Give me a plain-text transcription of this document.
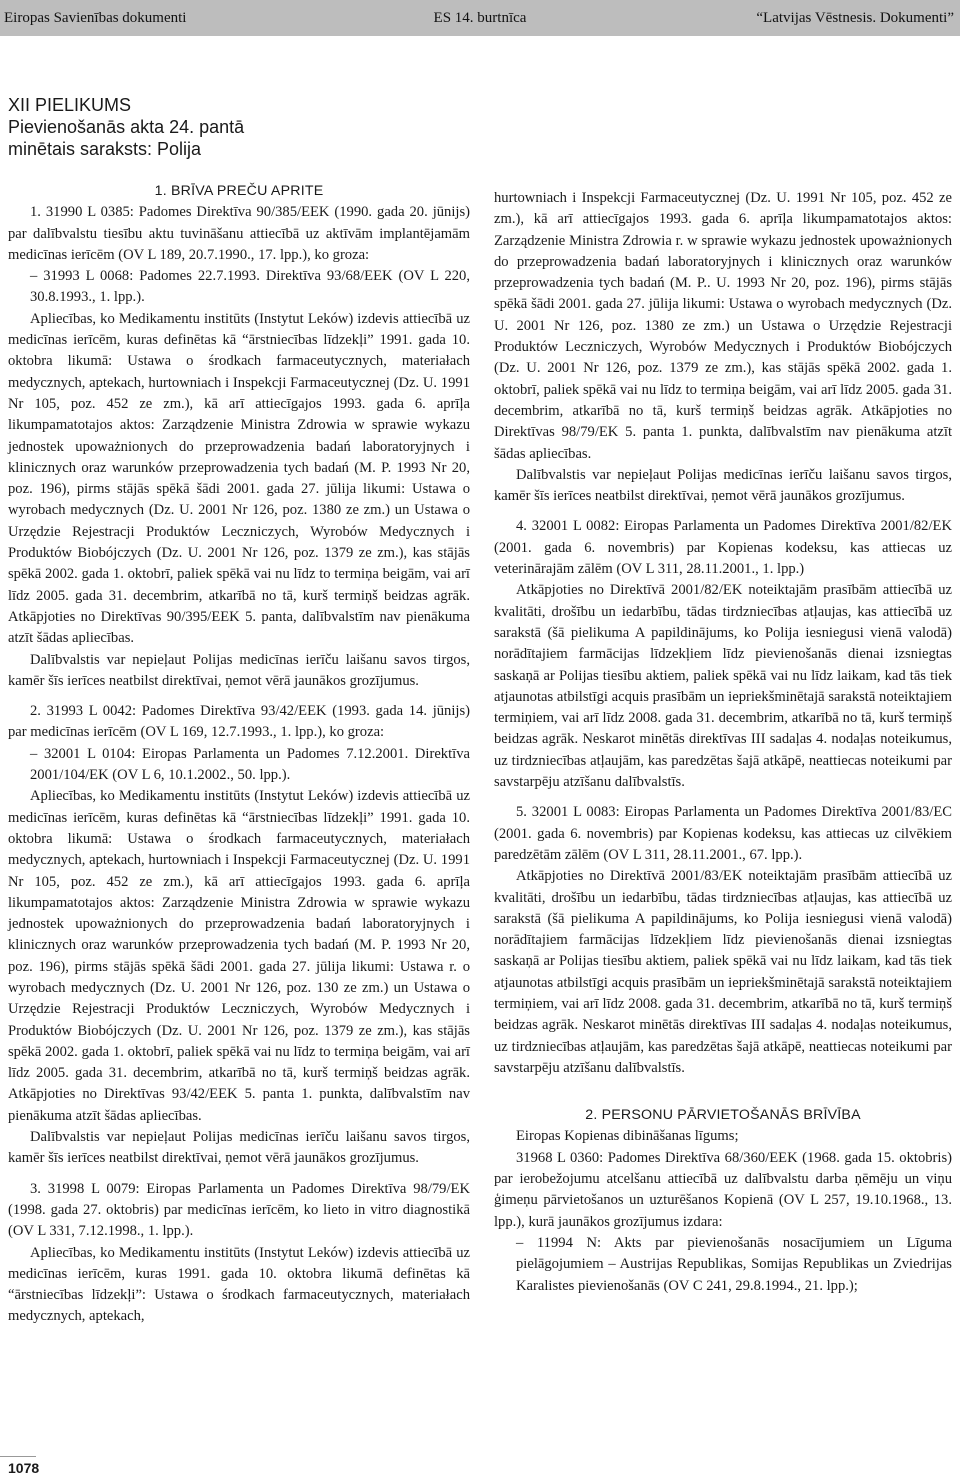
Eiropas Savienības dokumenti	ES 14. burtnīca	“Latvijas Vēstnesis. Dokumenti”
XII PIELIKUMS
Pievienošanās akta 24. pantā
minētais saraksts: Polija

1. BRĪVA PREČU APRITE

1. 31990 L 0385: Padomes Direktīva 90/385/EEK (1990. gada 20. jūnijs) par dalībvalstu tiesību aktu tuvināšanu attiecībā uz aktīvām implantējamām medicīnas ierīcēm (OV L 189, 20.7.1990., 17. lpp.), ko groza:

– 31993 L 0068: Padomes 22.7.1993. Direktīva 93/68/EEK (OV L 220, 30.8.1993., 1. lpp.).

Apliecības, ko Medikamentu institūts (Instytut Leków) izdevis attiecībā uz medicīnas ierīcēm, kuras definētas kā “ārstniecības līdzekļi” 1991. gada 10. oktobra likumā: Ustawa o środkach farmaceutycznych, materiałach medycznych, aptekach, hurtowniach i Inspekcji Farmaceutycznej (Dz. U. 1991 Nr 105, poz. 452 ze zm.), kā arī attiecīgajos 1993. gada 6. aprīļa likumpamatotajos aktos: Zarządzenie Ministra Zdrowia w sprawie wykazu jednostek upoważnionych do przeprowadzenia badań laboratoryjnych i klinicznych oraz warunków przeprowadzenia tych badań (M. P. 1993 Nr 20, poz. 196), pirms stājās spēkā šādi 2001. gada 27. jūlija likumi: Ustawa o wyrobach medycznych (Dz. U. 2001 Nr 126, poz. 1380 ze zm.) un Ustawa o Urzędzie Rejestracji Produktów Leczniczych, Wyrobów Medycznych i Produktów Biobójczych (Dz. U. 2001 Nr 126, poz. 1379 ze zm.), kas stājās spēkā 2002. gada 1. oktobrī, paliek spēkā vai nu līdz to termiņa beigām, vai arī līdz 2005. gada 31. decembrim, atkarībā no tā, kurš termiņš beidzas agrāk. Atkāpjoties no Direktīvas 90/395/EEK 5. panta, dalībvalstīm nav pienākuma atzīt šādas apliecības.

Dalībvalstis var nepieļaut Polijas medicīnas ierīču laišanu savos tirgos, kamēr šīs ierīces neatbilst direktīvai, ņemot vērā jaunākos grozījumus.

2. 31993 L 0042: Padomes Direktīva 93/42/EEK (1993. gada 14. jūnijs) par medicīnas ierīcēm (OV L 169, 12.7.1993., 1. lpp.), ko groza:

– 32001 L 0104: Eiropas Parlamenta un Padomes 7.12.2001. Direktīva 2001/104/EK (OV L 6, 10.1.2002., 50. lpp.).

Apliecības, ko Medikamentu institūts (Instytut Leków) izdevis attiecībā uz medicīnas ierīcēm, kuras definētas kā “ārstniecības līdzekļi” 1991. gada 10. oktobra likumā: Ustawa o środkach farmaceutycznych, materiałach medycznych, aptekach, hurtowniach i Inspekcji Farmaceutycznej (Dz. U. 1991 Nr 105, poz. 452 ze zm.), kā arī attiecīgajos 1993. gada 6. aprīļa likumpamatotajos aktos: Zarządzenie Ministra Zdrowia w sprawie wykazu jednostek upoważnionych do przeprowadzenia badań laboratoryjnych i klinicznych oraz warunków przeprowadzenia tych badań (M. P. 1993 Nr 20, poz. 196), pirms stājās spēkā šādi 2001. gada 27. jūlija likumi: Ustawa r. o wyrobach medycznych (Dz. U. 2001 Nr 126, poz. 130 ze zm.) un Ustawa o Urzędzie Rejestracji Produktów Leczniczych, Wyrobów Medycznych i Produktów Biobójczych (Dz. U. 2001 Nr 126, poz. 1379 ze zm.), kas stājās spēkā 2002. gada 1. oktobrī, paliek spēkā vai nu līdz to termiņa beigām, vai arī līdz 2005. gada 31. decembrim, atkarībā no tā, kurš termiņš beidzas agrāk. Atkāpjoties no Direktīvas 93/42/EEK 5. panta 1. punkta, dalībvalstīm nav pienākuma atzīt šādas apliecības.

Dalībvalstis var nepieļaut Polijas medicīnas ierīču laišanu savos tirgos, kamēr šīs ierīces neatbilst direktīvai, ņemot vērā jaunākos grozījumus.

3. 31998 L 0079: Eiropas Parlamenta un Padomes Direktīva 98/79/EK (1998. gada 27. oktobris) par medicīnas ierīcēm, ko lieto in vitro diagnostikā (OV L 331, 7.12.1998., 1. lpp.).

Apliecības, ko Medikamentu institūts (Instytut Leków) izdevis attiecībā uz medicīnas ierīcēm, kuras 1991. gada 10. oktobra likumā definētas kā “ārstniecības līdzekļi”: Ustawa o środkach farmaceutycznych, materiałach medycznych, aptekach,

hurtowniach i Inspekcji Farmaceutycznej (Dz. U. 1991 Nr 105, poz. 452 ze zm.), kā arī attiecīgajos 1993. gada 6. aprīļa likumpamatotajos aktos: Zarządzenie Ministra Zdrowia r. w sprawie wykazu jednostek upoważnionych do przeprowadzenia badań laboratoryjnych i klinicznych oraz warunków przeprowadzenia tych badań (M. P.. U. 1993 Nr 20, poz. 196), pirms stājās spēkā šādi 2001. gada 27. jūlija likumi: Ustawa o wyrobach medycznych (Dz. U. 2001 Nr 126, poz. 1380 ze zm.) un Ustawa o Urzędzie Rejestracji Produktów Leczniczych, Wyrobów Medycznych i Produktów Biobójczych (Dz. U. 2001 Nr 126, poz. 1379 ze zm.), kas stājās spēkā 2002. gada 1. oktobrī, paliek spēkā vai nu līdz to termiņa beigām, vai arī līdz 2005. gada 31. decembrim, atkarībā no tā, kurš termiņš beidzas agrāk. Atkāpjoties no Direktīvas 98/79/EK 5. panta 1. punkta, dalībvalstīm nav pienākuma atzīt šādas apliecības.

Dalībvalstis var nepieļaut Polijas medicīnas ierīču laišanu savos tirgos, kamēr šīs ierīces neatbilst direktīvai, ņemot vērā jaunākos grozījumus.

4. 32001 L 0082: Eiropas Parlamenta un Padomes Direktīva 2001/82/EK (2001. gada 6. novembris) par Kopienas kodeksu, kas attiecas uz veterinārajām zālēm (OV L 311, 28.11.2001., 1. lpp.)

Atkāpjoties no Direktīvā 2001/82/EK noteiktajām prasībām attiecībā uz kvalitāti, drošību un iedarbību, tādas tirdzniecības atļaujas, kas attiecībā uz sarakstā (šā pielikuma A papildinājums, ko Polija iesniegusi vienā valodā) norādītajiem farmācijas līdzekļiem līdz pievienošanās dienai izsniegtas saskaņā ar Polijas tiesību aktiem, paliek spēkā vai nu līdz laikam, kad tās tiek atjaunotas atbilstīgi acquis prasībām un iepriekšminētajā sarakstā noteiktajiem termiņiem, vai arī līdz 2008. gada 31. decembrim, atkarībā no tā, kurš termiņš beidzas agrāk. Neskarot minētās direktīvas III sadaļas 4. nodaļas noteikumus, uz tirdzniecības atļaujām, kas paredzētas šajā atkāpē, neattiecas noteikumi par savstarpēju atzīšanu dalībvalstīs.

5. 32001 L 0083: Eiropas Parlamenta un Padomes Direktīva 2001/83/EC (2001. gada 6. novembris) par Kopienas kodeksu, kas attiecas uz cilvēkiem paredzētām zālēm (OV L 311, 28.11.2001., 67. lpp.).

Atkāpjoties no Direktīvā 2001/83/EK noteiktajām prasībām attiecībā uz kvalitāti, drošību un iedarbību, tādas tirdzniecības atļaujas, kas attiecībā uz sarakstā (šā pielikuma A papildinājums, ko Polija iesniegusi vienā valodā) norādītajiem farmācijas līdzekļiem līdz pievienošanās dienai izsniegtas saskaņā ar Polijas tiesību aktiem, paliek spēkā vai nu līdz laikam, kad tās tiek atjaunotas atbilstīgi acquis prasībām un iepriekšminētajā sarakstā noteiktajiem termiņiem, vai arī līdz 2008. gada 31. decembrim, atkarībā no tā, kurš termiņš beidzas agrāk. Neskarot minētās direktīvas III sadaļas 4. nodaļas noteikumus, uz tirdzniecības atļaujām, kas paredzētas šajā atkāpē, neattiecas noteikumi par savstarpēju atzīšanu dalībvalstīs.

2. PERSONU PĀRVIETOŠANĀS BRĪVĪBA

Eiropas Kopienas dibināšanas līgums;

31968 L 0360: Padomes Direktīva 68/360/EEK (1968. gada 15. oktobris) par ierobežojumu atcelšanu attiecībā uz dalībvalstu darba ņēmēju un viņu ģimeņu pārvietošanos un uzturēšanos Kopienā (OV L 257, 19.10.1968., 13. lpp.), kurā jaunākos grozījumus izdara:

– 11994 N: Akts par pievienošanās nosacījumiem un Līguma pielāgojumiem – Austrijas Republikas, Somijas Republikas un Zviedrijas Karalistes pievienošanās (OV C 241, 29.8.1994., 21. lpp.);

1078
